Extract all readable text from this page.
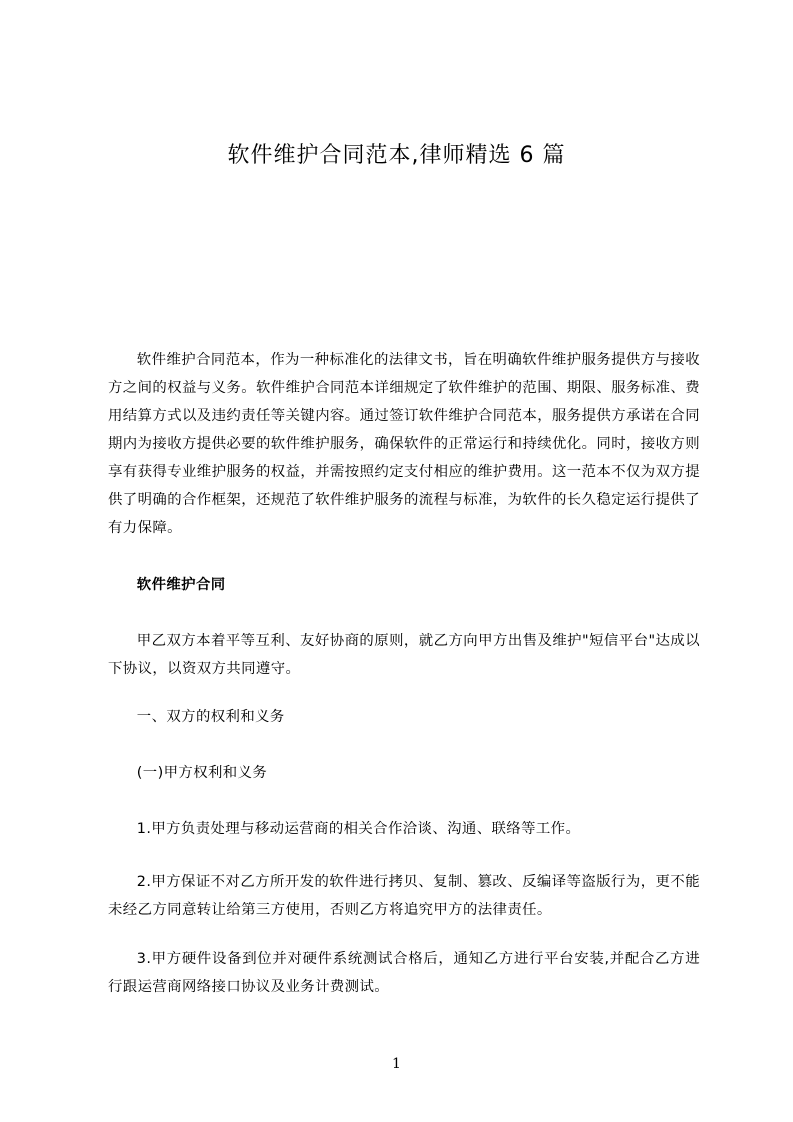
软件维护合同范本,律师精选 6 篇

软件维护合同范本，作为一种标准化的法律文书，旨在明确软件维护服务提供方与接收方之间的权益与义务。软件维护合同范本详细规定了软件维护的范围、期限、服务标准、费用结算方式以及违约责任等关键内容。通过签订软件维护合同范本，服务提供方承诺在合同期内为接收方提供必要的软件维护服务，确保软件的正常运行和持续优化。同时，接收方则享有获得专业维护服务的权益，并需按照约定支付相应的维护费用。这一范本不仅为双方提供了明确的合作框架，还规范了软件维护服务的流程与标准，为软件的长久稳定运行提供了有力保障。

软件维护合同

甲乙双方本着平等互利、友好协商的原则，就乙方向甲方出售及维护"短信平台"达成以下协议，以资双方共同遵守。

一、双方的权利和义务

(一)甲方权利和义务

1.甲方负责处理与移动运营商的相关合作洽谈、沟通、联络等工作。

2.甲方保证不对乙方所开发的软件进行拷贝、复制、篡改、反编译等盗版行为，更不能未经乙方同意转让给第三方使用，否则乙方将追究甲方的法律责任。

3.甲方硬件设备到位并对硬件系统测试合格后，通知乙方进行平台安装,并配合乙方进行跟运营商网络接口协议及业务计费测试。

1
